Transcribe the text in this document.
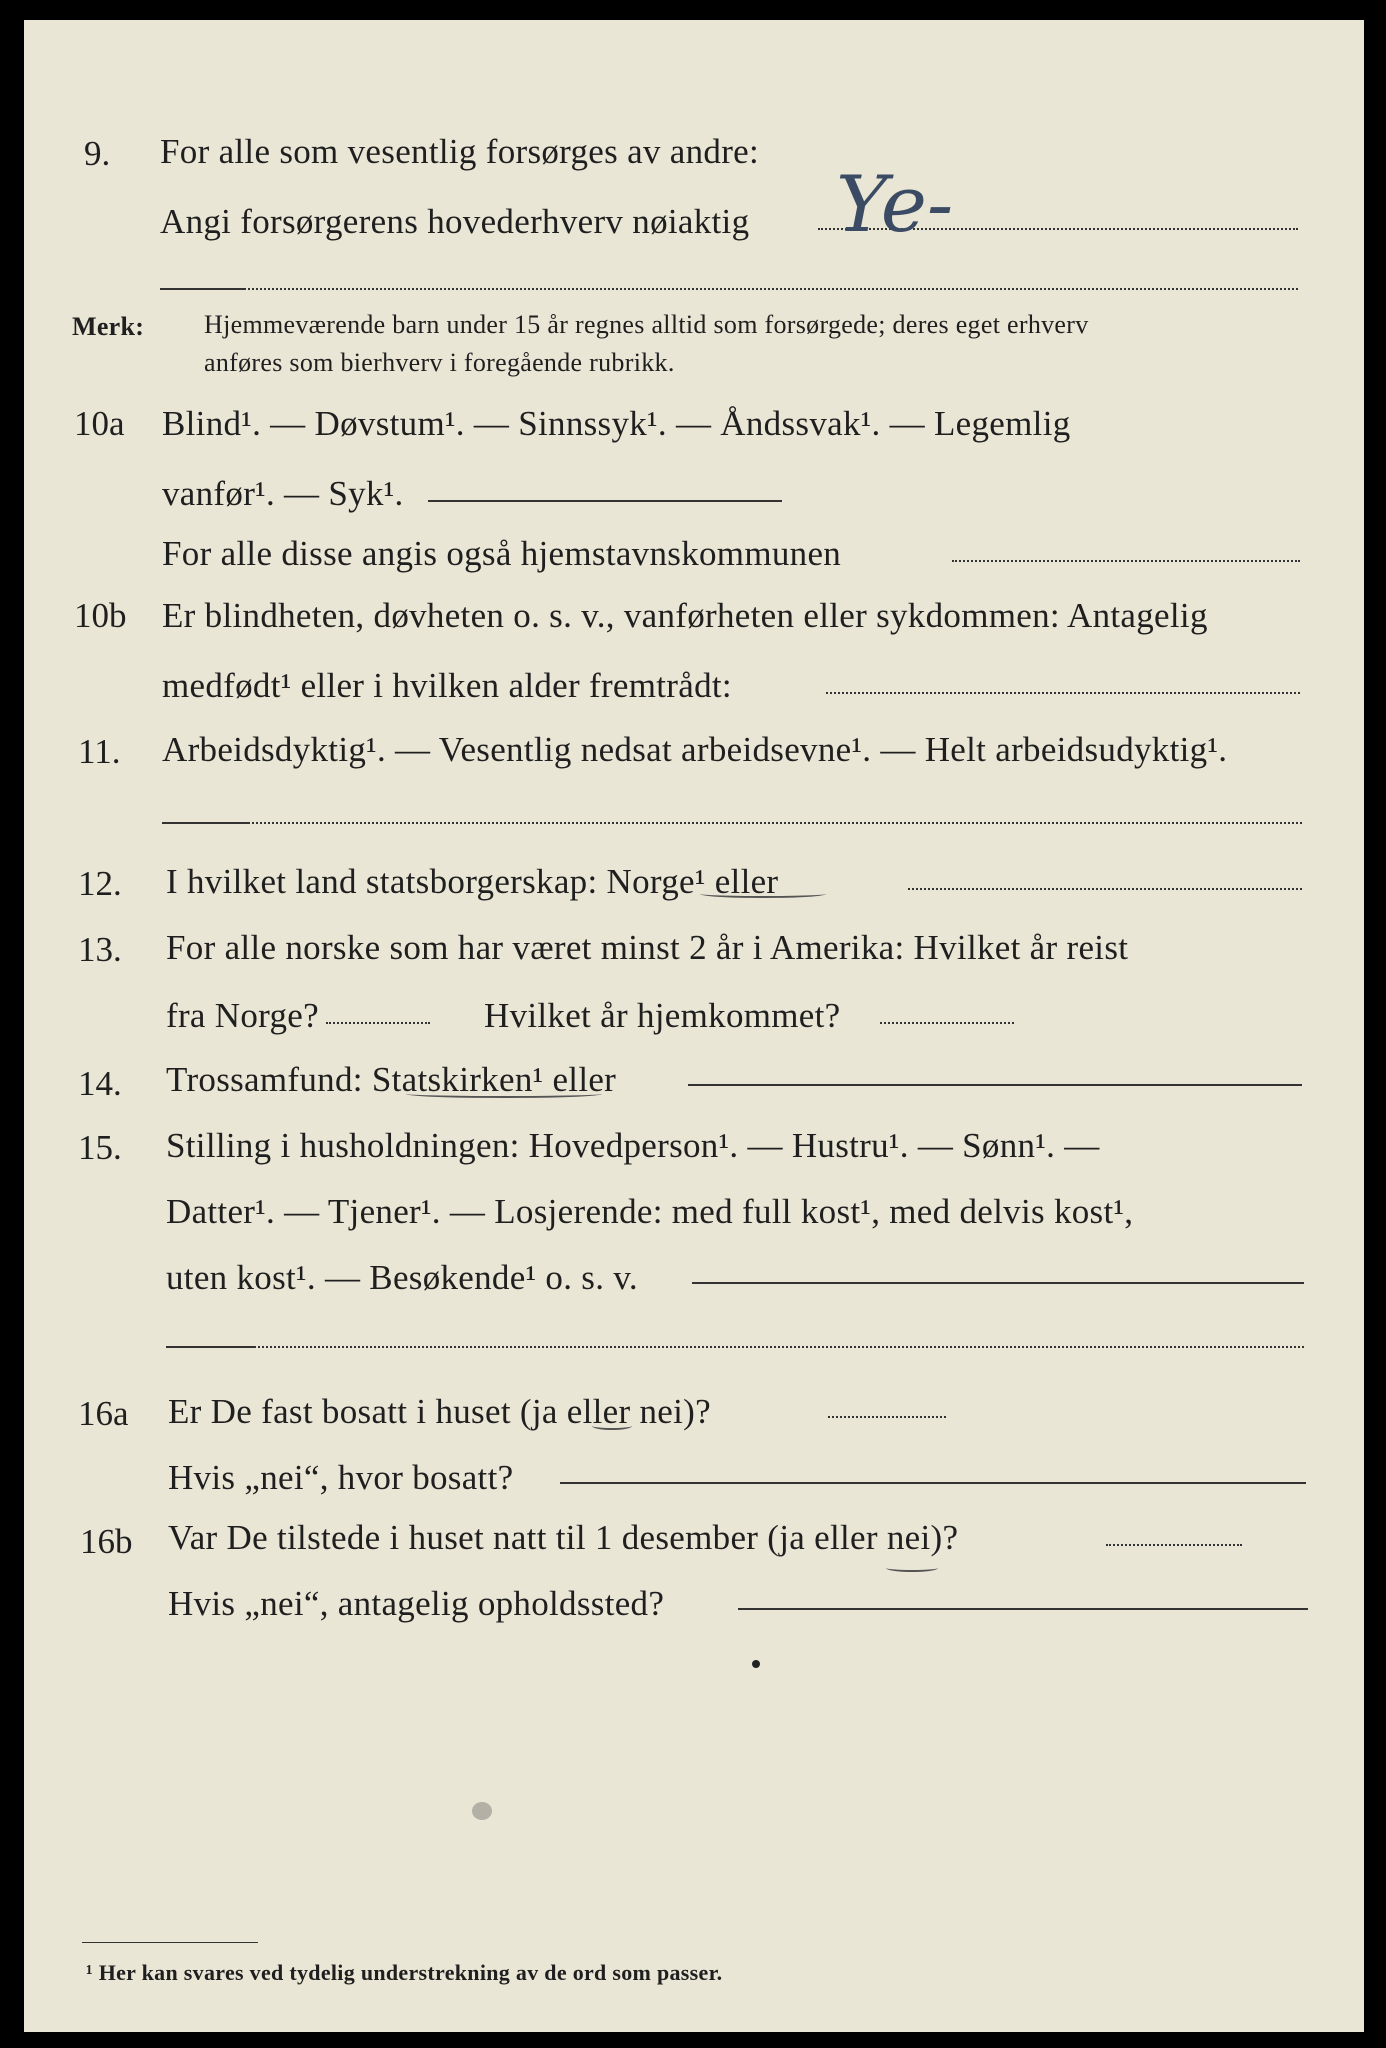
9. For alle som vesentlig forsørges av andre:
Angi forsørgerens hovederhverv nøiaktig Ye-
Merk: Hjemmeværende barn under 15 år regnes alltid som forsørgede; deres eget erhverv
anføres som bierhverv i foregående rubrikk.
10a Blind¹. — Døvstum¹. — Sinnssyk¹. — Åndssvak¹. — Legemlig
vanfør¹. — Syk¹.
For alle disse angis også hjemstavnskommunen
10b Er blindheten, døvheten o. s. v., vanførheten eller sykdommen: Antagelig
medfødt¹ eller i hvilken alder fremtrådt:
11. Arbeidsdyktig¹. — Vesentlig nedsat arbeidsevne¹. — Helt arbeidsudyktig¹.
12. I hvilket land statsborgerskap: Norge¹ eller
13. For alle norske som har været minst 2 år i Amerika: Hvilket år reist
fra Norge?	Hvilket år hjemkommet?
14. Trossamfund: Statskirken¹ eller
15. Stilling i husholdningen: Hovedperson¹. — Hustru¹. — Sønn¹. —
Datter¹. — Tjener¹. — Losjerende: med full kost¹, med delvis kost¹,
uten kost¹. — Besøkende¹ o. s. v.
16a Er De fast bosatt i huset (ja eller nei)?
Hvis „nei“, hvor bosatt?
16b Var De tilstede i huset natt til 1 desember (ja eller nei)?
Hvis „nei“, antagelig opholdssted?
¹ Her kan svares ved tydelig understrekning av de ord som passer.
